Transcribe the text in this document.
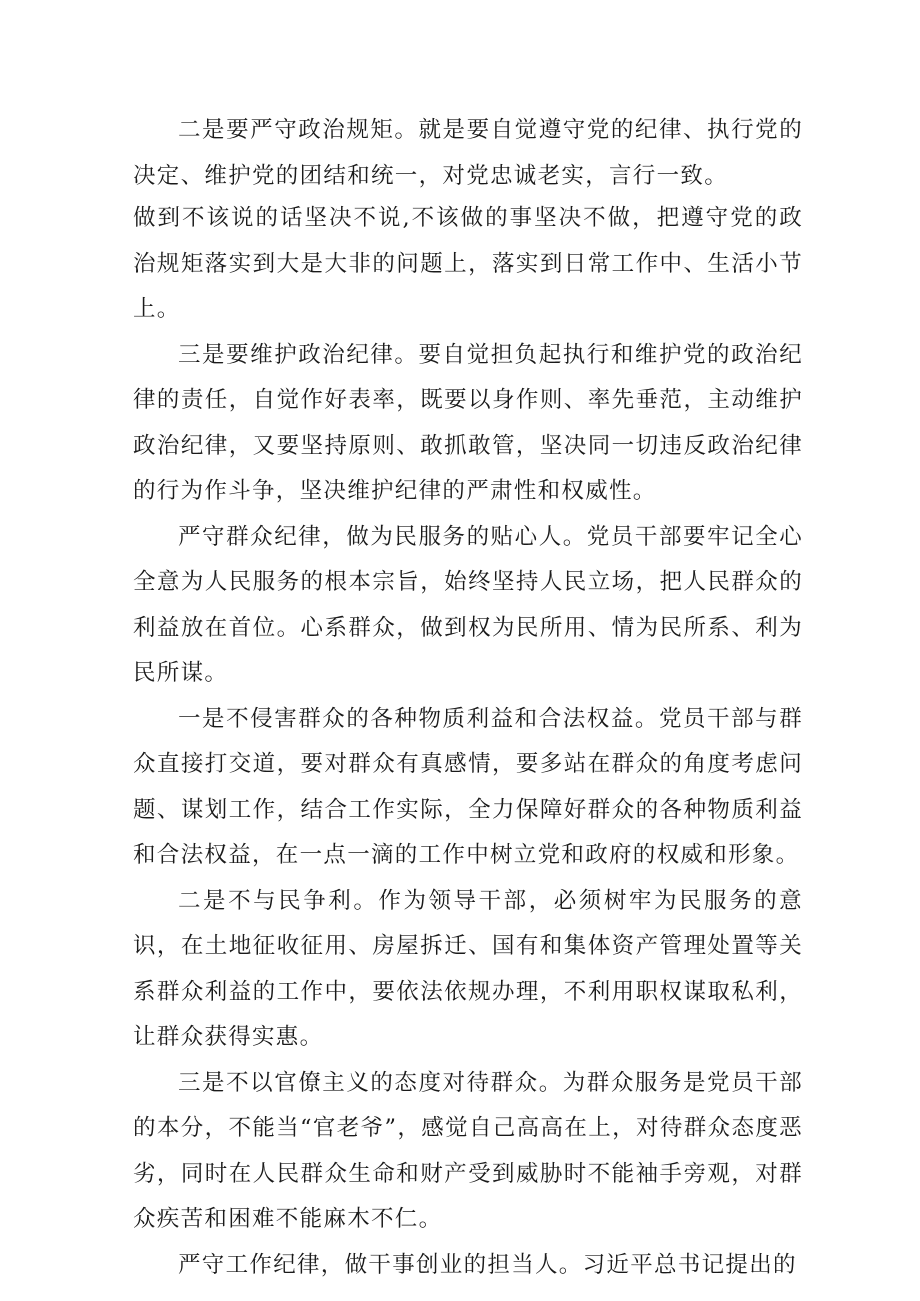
二是要严守政治规矩。就是要自觉遵守党的纪律、执行党的决定、维护党的团结和统一，对党忠诚老实，言行一致。

做到不该说的话坚决不说,不该做的事坚决不做，把遵守党的政治规矩落实到大是大非的问题上，落实到日常工作中、生活小节上。

三是要维护政治纪律。要自觉担负起执行和维护党的政治纪律的责任，自觉作好表率，既要以身作则、率先垂范，主动维护政治纪律，又要坚持原则、敢抓敢管，坚决同一切违反政治纪律的行为作斗争，坚决维护纪律的严肃性和权威性。

严守群众纪律，做为民服务的贴心人。党员干部要牢记全心全意为人民服务的根本宗旨，始终坚持人民立场，把人民群众的利益放在首位。心系群众，做到权为民所用、情为民所系、利为民所谋。

一是不侵害群众的各种物质利益和合法权益。党员干部与群众直接打交道，要对群众有真感情，要多站在群众的角度考虑问题、谋划工作，结合工作实际，全力保障好群众的各种物质利益和合法权益，在一点一滴的工作中树立党和政府的权威和形象。

二是不与民争利。作为领导干部，必须树牢为民服务的意识，在土地征收征用、房屋拆迁、国有和集体资产管理处置等关系群众利益的工作中，要依法依规办理，不利用职权谋取私利，让群众获得实惠。

三是不以官僚主义的态度对待群众。为群众服务是党员干部的本分，不能当“官老爷”，感觉自己高高在上，对待群众态度恶劣，同时在人民群众生命和财产受到威胁时不能袖手旁观，对群众疾苦和困难不能麻木不仁。

严守工作纪律，做干事创业的担当人。习近平总书记提出的
